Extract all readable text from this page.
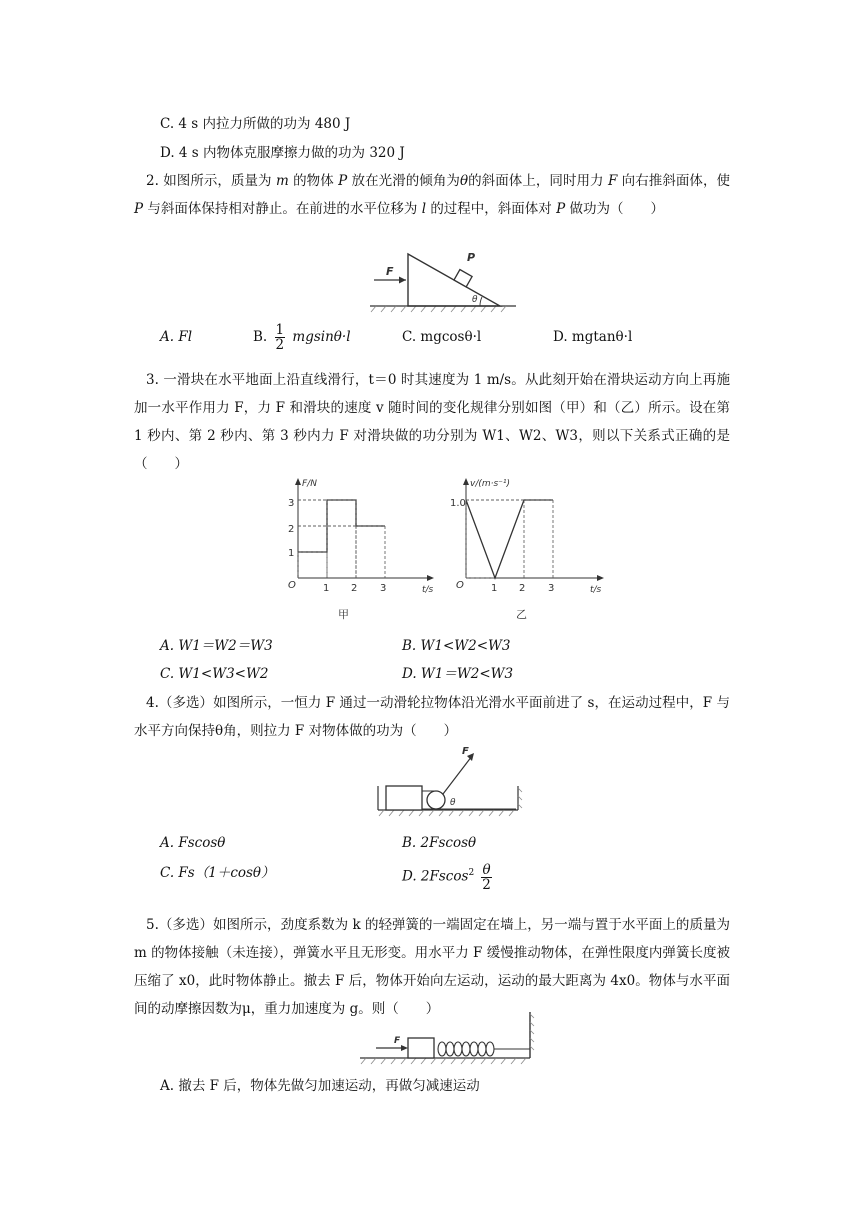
C. 4 s 内拉力所做的功为 480 J
D. 4 s 内物体克服摩擦力做的功为 320 J
2. 如图所示，质量为 m 的物体 P 放在光滑的倾角为θ的斜面体上，同时用力 F 向右推斜面体，使 P 与斜面体保持相对静止。在前进的水平位移为 l 的过程中，斜面体对 P 做功为（　　）
F
P
θ
A. Fl	B. $\frac{1}{2} mgsin\theta\cdot l$	C. mgcosθ·l	D. mgtanθ·l
3. 一滑块在水平地面上沿直线滑行，t＝0 时其速度为 1 m/s。从此刻开始在滑块运动方向上再施加一水平作用力 F，力 F 和滑块的速度 v 随时间的变化规律分别如图（甲）和（乙）所示。设在第 1 秒内、第 2 秒内、第 3 秒内力 F 对滑块做的功分别为 W1、W2、W3，则以下关系式正确的是 （　　）
F/N
t/s
O
3
2
1
1 2 3
甲
v/(m·s⁻¹)
t/s
O
1.0
1 2 3
乙
A. W1＝W2＝W3	B. W1<W2<W3
C. W1<W3<W2	D. W1＝W2<W3
4.（多选）如图所示，一恒力 F 通过一动滑轮拉物体沿光滑水平面前进了 s，在运动过程中，F 与水平方向保持θ角，则拉力 F 对物体做的功为（　　）
F
θ
A. Fscosθ	B. 2Fscosθ
C. Fs（1＋cosθ）	D. $2Fscos^2 \frac{\theta}{2}$
5.（多选）如图所示，劲度系数为 k 的轻弹簧的一端固定在墙上，另一端与置于水平面上的质量为 m 的物体接触（未连接），弹簧水平且无形变。用水平力 F 缓慢推动物体，在弹性限度内弹簧长度被压缩了 x0，此时物体静止。撤去 F 后，物体开始向左运动，运动的最大距离为 4x0。物体与水平面间的动摩擦因数为μ，重力加速度为 g。则（　　）
F
A. 撤去 F 后，物体先做匀加速运动，再做匀减速运动
